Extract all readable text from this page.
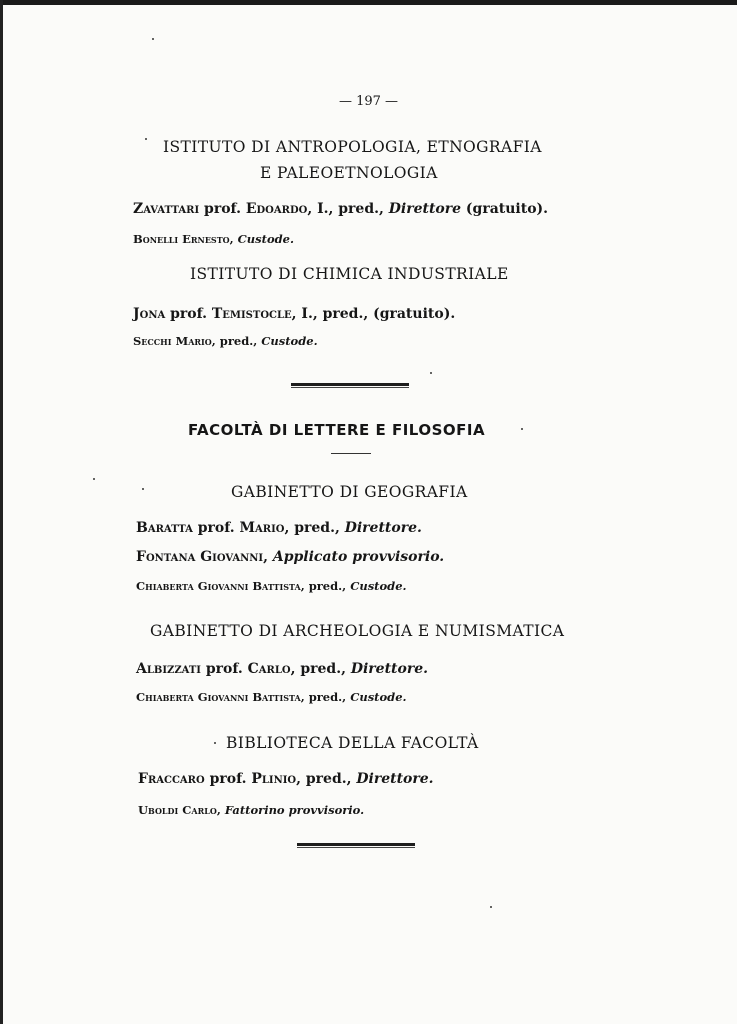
— 197 —
ISTITUTO DI ANTROPOLOGIA, ETNOGRAFIA
E PALEOETNOLOGIA
Zavattari prof. Edoardo, I., pred., Direttore (gratuito).
Bonelli Ernesto, Custode.
ISTITUTO DI CHIMICA INDUSTRIALE
Jona prof. Temistocle, I., pred., (gratuito).
Secchi Mario, pred., Custode.
FACOLTÀ DI LETTERE E FILOSOFIA
GABINETTO DI GEOGRAFIA
Baratta prof. Mario, pred., Direttore.
Fontana Giovanni, Applicato provvisorio.
Chiaberta Giovanni Battista, pred., Custode.
GABINETTO DI ARCHEOLOGIA E NUMISMATICA
Albizzati prof. Carlo, pred., Direttore.
Chiaberta Giovanni Battista, pred., Custode.
BIBLIOTECA DELLA FACOLTÀ
Fraccaro prof. Plinio, pred., Direttore.
Uboldi Carlo, Fattorino provvisorio.
